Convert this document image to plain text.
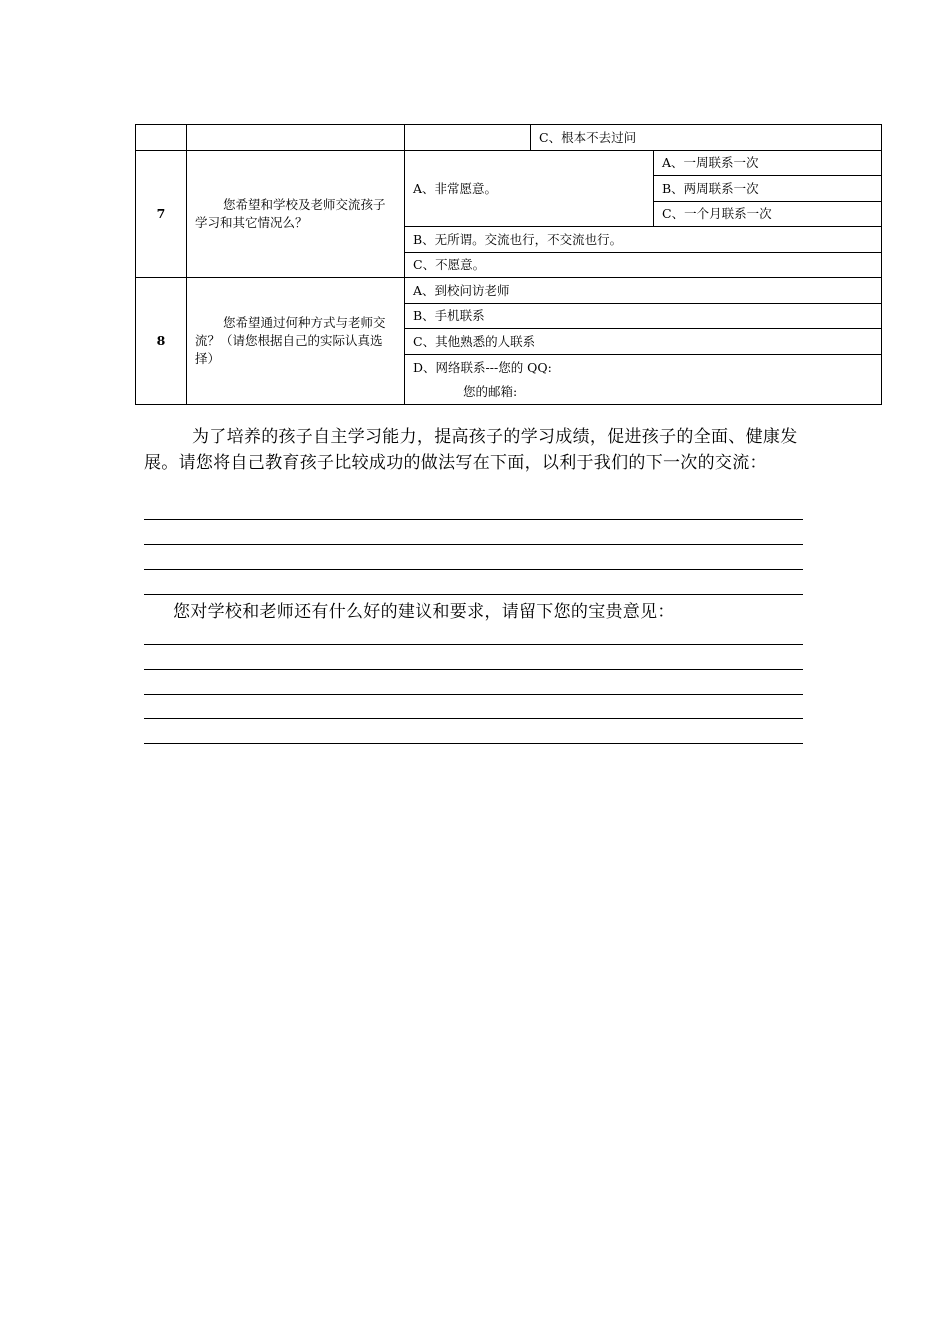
			C、根本不去过问	
7	您希望和学校及老师交流孩子学习和其它情况么？	A、非常愿意。		A、一周联系一次
				B、两周联系一次
				C、一个月联系一次
		B、无所谓。交流也行，不交流也行。		
		C、不愿意。		
8	您希望通过何种方式与老师交流？（请您根据自己的实际认真选择）	A、到校问访老师		
		B、手机联系		
		C、其他熟悉的人联系		

		D、网络联系---您的 QQ:
您的邮箱:		
为了培养的孩子自主学习能力，提高孩子的学习成绩，促进孩子的全面、健康发展。请您将自己教育孩子比较成功的做法写在下面，以利于我们的下一次的交流：
您对学校和老师还有什么好的建议和要求，请留下您的宝贵意见：
